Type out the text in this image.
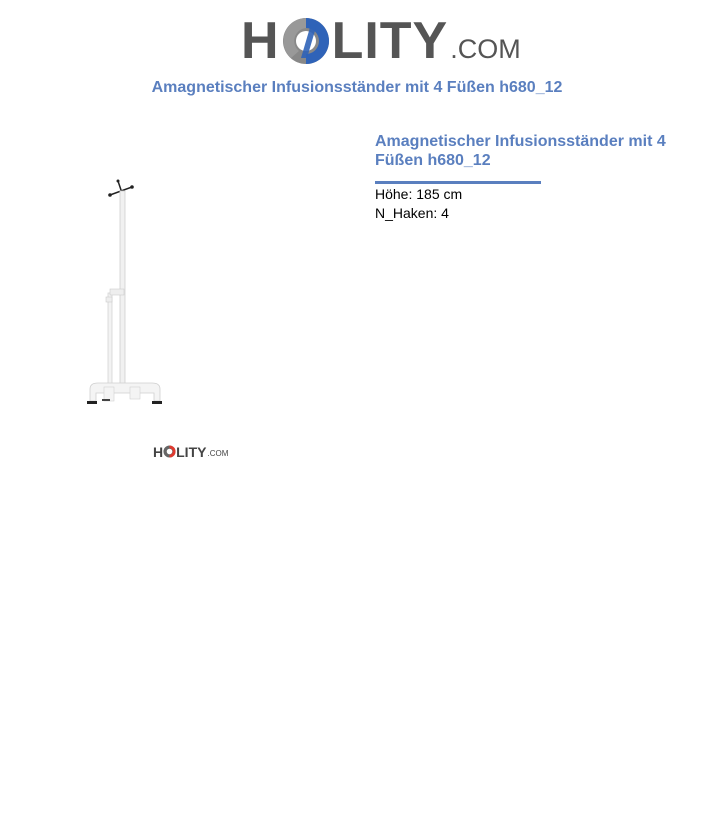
H LITY .COM
Amagnetischer Infusionsständer mit 4 Füßen h680_12
H LITY .COM
Amagnetischer Infusionsständer mit 4 Füßen h680_12
Höhe: 185 cm
N_Haken: 4
